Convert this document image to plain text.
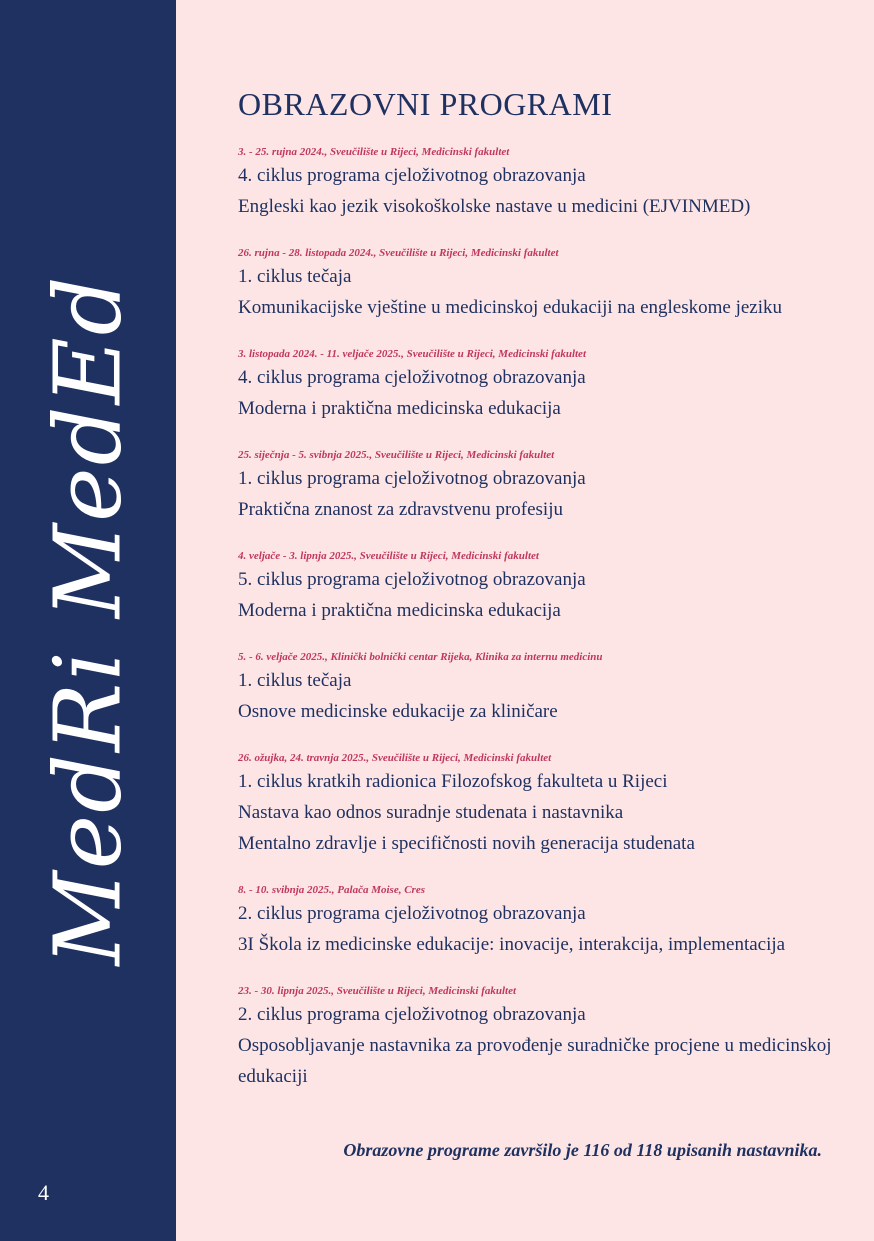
MedRi MedEd
4
OBRAZOVNI PROGRAMI
3. - 25. rujna 2024., Sveučilište u Rijeci, Medicinski fakultet
4. ciklus programa cjeloživotnog obrazovanja
Engleski kao jezik visokoškolske nastave u medicini (EJVINMED)
26. rujna - 28. listopada 2024., Sveučilište u Rijeci, Medicinski fakultet
1. ciklus tečaja
Komunikacijske vještine u medicinskoj edukaciji na engleskome jeziku
3. listopada 2024. - 11. veljače 2025., Sveučilište u Rijeci, Medicinski fakultet
4. ciklus programa cjeloživotnog obrazovanja
Moderna i praktična medicinska edukacija
25. siječnja - 5. svibnja 2025., Sveučilište u Rijeci, Medicinski fakultet
1. ciklus programa cjeloživotnog obrazovanja
Praktična znanost za zdravstvenu profesiju
4. veljače - 3. lipnja 2025., Sveučilište u Rijeci, Medicinski fakultet
5. ciklus programa cjeloživotnog obrazovanja
Moderna i praktična medicinska edukacija
5. - 6. veljače 2025., Klinički bolnički centar Rijeka, Klinika za internu medicinu
1. ciklus tečaja
Osnove medicinske edukacije za kliničare
26. ožujka, 24. travnja 2025., Sveučilište u Rijeci, Medicinski fakultet
1. ciklus kratkih radionica Filozofskog fakulteta u Rijeci
Nastava kao odnos suradnje studenata i nastavnika
Mentalno zdravlje i specifičnosti novih generacija studenata
8. - 10. svibnja 2025., Palača Moise, Cres
2. ciklus programa cjeloživotnog obrazovanja
3I Škola iz medicinske edukacije: inovacije, interakcija, implementacija
23. - 30. lipnja 2025., Sveučilište u Rijeci, Medicinski fakultet
2. ciklus programa cjeloživotnog obrazovanja
Osposobljavanje nastavnika za provođenje suradničke procjene u medicinskoj edukaciji
Obrazovne programe završilo je 116 od 118 upisanih nastavnika.
